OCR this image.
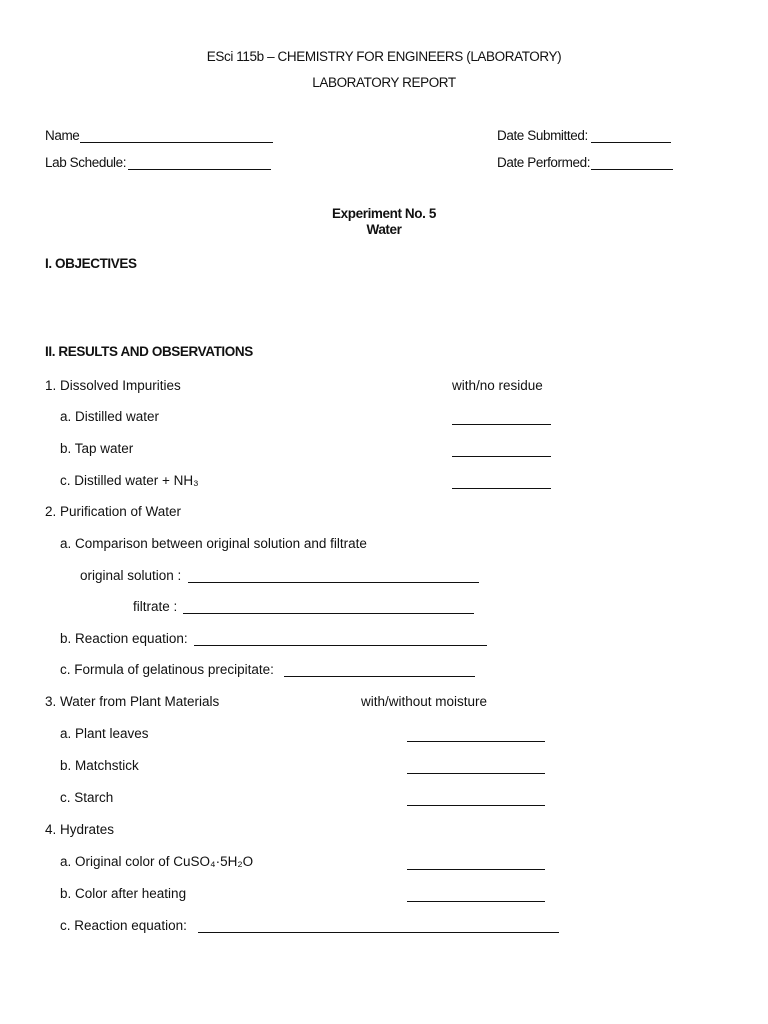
ESci 115b – CHEMISTRY FOR ENGINEERS (LABORATORY)
LABORATORY REPORT
Name	Date Submitted:
Lab Schedule:	Date Performed:
Experiment No. 5
Water
I. OBJECTIVES
II. RESULTS AND OBSERVATIONS
1. Dissolved Impurities	with/no residue
a. Distilled water
b. Tap water
c. Distilled water + NH₃
2. Purification of Water
a. Comparison between original solution and filtrate
original solution :
filtrate :
b. Reaction equation:
c. Formula of gelatinous precipitate:
3. Water from Plant Materials	with/without moisture
a. Plant leaves
b. Matchstick
c. Starch
4. Hydrates
a. Original color of CuSO₄·5H₂O
b. Color after heating
c. Reaction equation:
